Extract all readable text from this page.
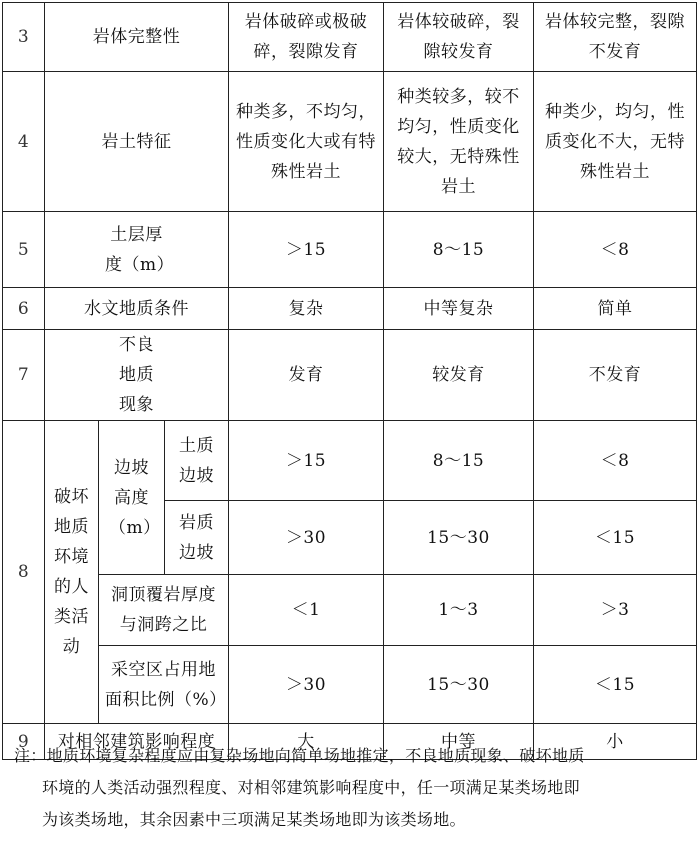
3	岩体完整性			岩体破碎或极破碎，裂隙发育	岩体较破碎，裂隙较发育	岩体较完整，裂隙不发育
4	岩土特征			种类多，不均匀，性质变化大或有特殊性岩土	种类较多，较不均匀，性质变化较大，无特殊性岩土	种类少，均匀，性质变化不大，无特殊性岩土
5	土层厚度（m）			＞15	8～15	＜8
6	水文地质条件			复杂	中等复杂	简单
7	不良地质现象			发育	较发育	不发育
8	破坏地质环境的人类活动	边坡高度（m）	土质边坡	＞15	8～15	＜8
			岩质边坡	＞30	15～30	＜15
		洞顶覆岩厚度与洞跨之比		＜1	1～3	＞3
		采空区占用地面积比例（%）		＞30	15～30	＜15
9	对相邻建筑影响程度			大	中等	小
注：地质环境复杂程度应由复杂场地向简单场地推定，不良地质现象、破坏地质
环境的人类活动强烈程度、对相邻建筑影响程度中，任一项满足某类场地即
为该类场地，其余因素中三项满足某类场地即为该类场地。
